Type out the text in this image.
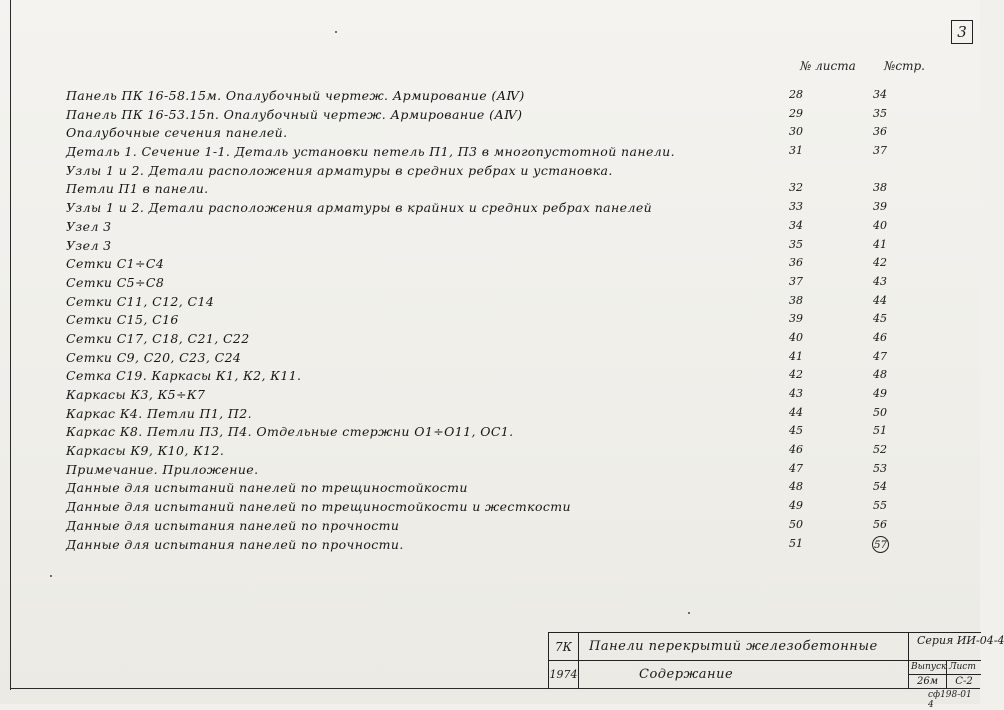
3
№ листа №стр.
Панель ПК 16-58.15м. Опалубочный чертеж. Армирование (АⅣ)	28	34
Панель ПК 16-53.15п. Опалубочный чертеж. Армирование (АⅣ)	29	35
Опалубочные сечения панелей.	30	36
Деталь 1. Сечение 1-1. Деталь установки петель П1, П3 в многопустотной панели.	31	37
Узлы 1 и 2. Детали расположения арматуры в средних ребрах и установка.
Петли П1 в панели.	32	38
Узлы 1 и 2. Детали расположения арматуры в крайних и средних ребрах панелей	33	39
Узел 3	34	40
Узел 3	35	41
Сетки С1÷С4	36	42
Сетки С5÷С8	37	43
Сетки С11, С12, С14	38	44
Сетки С15, С16	39	45
Сетки С17, С18, С21, С22	40	46
Сетки С9, С20, С23, С24	41	47
Сетка С19. Каркасы К1, К2, К11.	42	48
Каркасы К3, К5÷К7	43	49
Каркас К4. Петли П1, П2.	44	50
Каркас К8. Петли П3, П4. Отдельные стержни О1÷О11, ОС1.	45	51
Каркасы К9, К10, К12.	46	52
Примечание. Приложение.	47	53
Данные для испытаний панелей по трещиностойкости	48	54
Данные для испытаний панелей по трещиностойкости и жесткости	49	55
Данные для испытания панелей по прочности	50	56
Данные для испытания панелей по прочности.	51	57
7К
1974
Панели перекрытий железобетонные
Содержание
Серия ИИ-04-4
Выпуск Лист
26м	С-2
сф198-01 4
